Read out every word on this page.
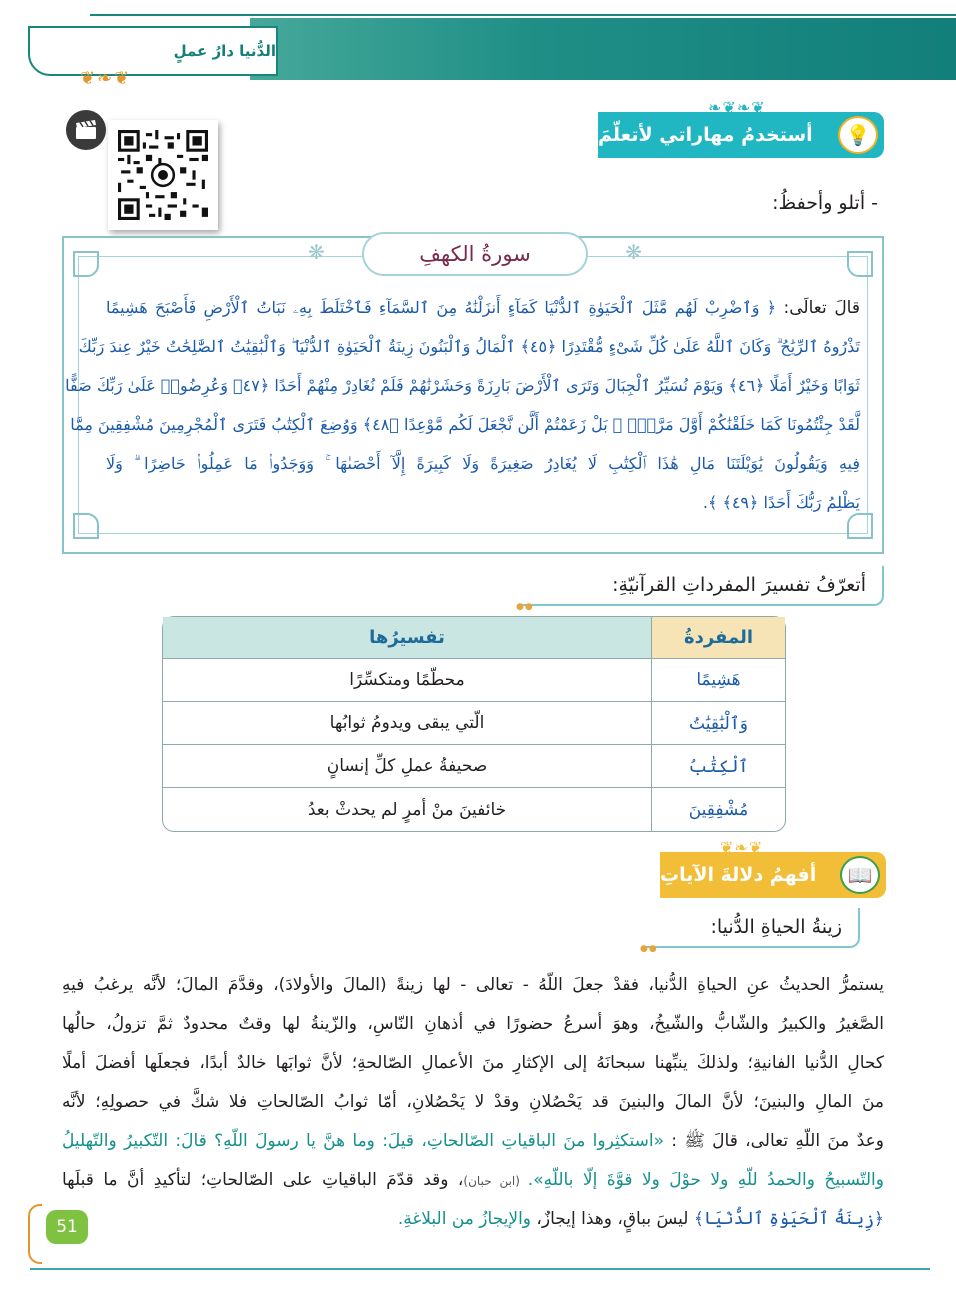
الدُّنيا دارُ عملٍ
❦❧❦
❦❧❦❧
أستخدمُ مهاراتي لأتعلّمَ	💡
- أتلو وأحفظُ:
❋	سورةُ الكهفِ	❋
قالَ تعالَى: ﴿ وَٱضْرِبْ لَهُم مَّثَلَ ٱلْحَيَوٰةِ ٱلدُّنْيَا كَمَآءٍ أَنزَلْنَٰهُ مِنَ ٱلسَّمَآءِ فَٱخْتَلَطَ بِهِۦ نَبَاتُ ٱلْأَرْضِ فَأَصْبَحَ هَشِيمًا
تَذْرُوهُ ٱلرِّيَٰحُ ۗ وَكَانَ ٱللَّهُ عَلَىٰ كُلِّ شَىْءٍ مُّقْتَدِرًا ﴿٤٥﴾ ٱلْمَالُ وَٱلْبَنُونَ زِينَةُ ٱلْحَيَوٰةِ ٱلدُّنْيَا ۖ وَٱلْبَٰقِيَٰتُ ٱلصَّٰلِحَٰتُ خَيْرٌ عِندَ رَبِّكَ
ثَوَابًا وَخَيْرٌ أَمَلًا ﴿٤٦﴾ وَيَوْمَ نُسَيِّرُ ٱلْجِبَالَ وَتَرَى ٱلْأَرْضَ بَارِزَةً وَحَشَرْنَٰهُمْ فَلَمْ نُغَادِرْ مِنْهُمْ أَحَدًا ﴿٤٧﴾ وَعُرِضُوا۟ عَلَىٰ رَبِّكَ صَفًّا
لَّقَدْ جِئْتُمُونَا كَمَا خَلَقْنَٰكُمْ أَوَّلَ مَرَّةٍۭ ۚ بَلْ زَعَمْتُمْ أَلَّن نَّجْعَلَ لَكُم مَّوْعِدًا ﴿٤٨﴾ وَوُضِعَ ٱلْكِتَٰبُ فَتَرَى ٱلْمُجْرِمِينَ مُشْفِقِينَ مِمَّا
فِيهِ وَيَقُولُونَ يَٰوَيْلَتَنَا مَالِ هَٰذَا ٱلْكِتَٰبِ لَا يُغَادِرُ صَغِيرَةً وَلَا كَبِيرَةً إِلَّآ أَحْصَىٰهَا ۚ وَوَجَدُوا۟ مَا عَمِلُوا۟ حَاضِرًا ۗ وَلَا
يَظْلِمُ رَبُّكَ أَحَدًا ﴿٤٩﴾ ﴾.
أتعرّفُ تفسيرَ المفرداتِ القرآنيّةِ:
●●
المفردةُ	تفسيرُها
هَشِيمًا	محطّمًا ومتكسِّرًا
وَٱلْبَٰقِيَٰتُ	الّتي يبقى ويدومُ ثوابُها
ٱلْكِتَٰبُ	صحيفةُ عملِ كلِّ إنسانٍ
مُشْفِقِينَ	خائفينَ منْ أمرٍ لم يحدثْ بعدُ
❦❧❦
أفهمُ دلالةَ الآياتِ	📖
زينةُ الحياةِ الدُّنيا:
●●
يستمرُّ الحديثُ عنِ الحياةِ الدُّنيا، فقدْ جعلَ اللّهُ - تعالى - لها زينةً (المالَ والأولادَ)، وقدَّمَ المالَ؛ لأنَّه يرغبُ فيهِ
الصَّغيرُ والكبيرُ والشّابُّ والشّيخُ، وهوَ أسرعُ حضورًا في أذهانِ النّاسِ، والزّينةُ لها وقتٌ محدودٌ ثمَّ تزولُ، حالُها
كحالِ الدُّنيا الفانيةِ؛ ولذلكَ ينبِّهنا سبحانَهُ إلى الإكثارِ منَ الأعمالِ الصّالحةِ؛ لأنَّ ثوابَها خالدٌ أبدًا، فجعلَها أفضلَ أملًا
منَ المالِ والبنينَ؛ لأنَّ المالَ والبنينَ قد يَحْصُلانِ وقدْ لا يَحْصُلانِ، أمّا ثوابُ الصّالحاتِ فلا شكَّ في حصولِهِ؛ لأنَّه
وعدٌ منَ اللّهِ تعالى، قالَ ﷺ : «استكثِروا منَ الباقياتِ الصّالحاتِ، قيلَ: وما هنَّ يا رسولَ اللّهِ؟ قالَ: التّكبيرُ والتّهليلُ
والتّسبيحُ والحمدُ للّهِ ولا حوْلَ ولا قوَّةَ إلّا باللّهِ». (ابن حبان)، وقد قدّمَ الباقياتِ على الصّالحاتِ؛ لتأكيدِ أنَّ ما قبلَها
﴿زِينَةُ ٱلْحَيَوٰةِ ٱلدُّنْيَا﴾ ليسَ بباقٍ، وهذا إيجازٌ، والإيجازُ من البلاغةِ.
51
